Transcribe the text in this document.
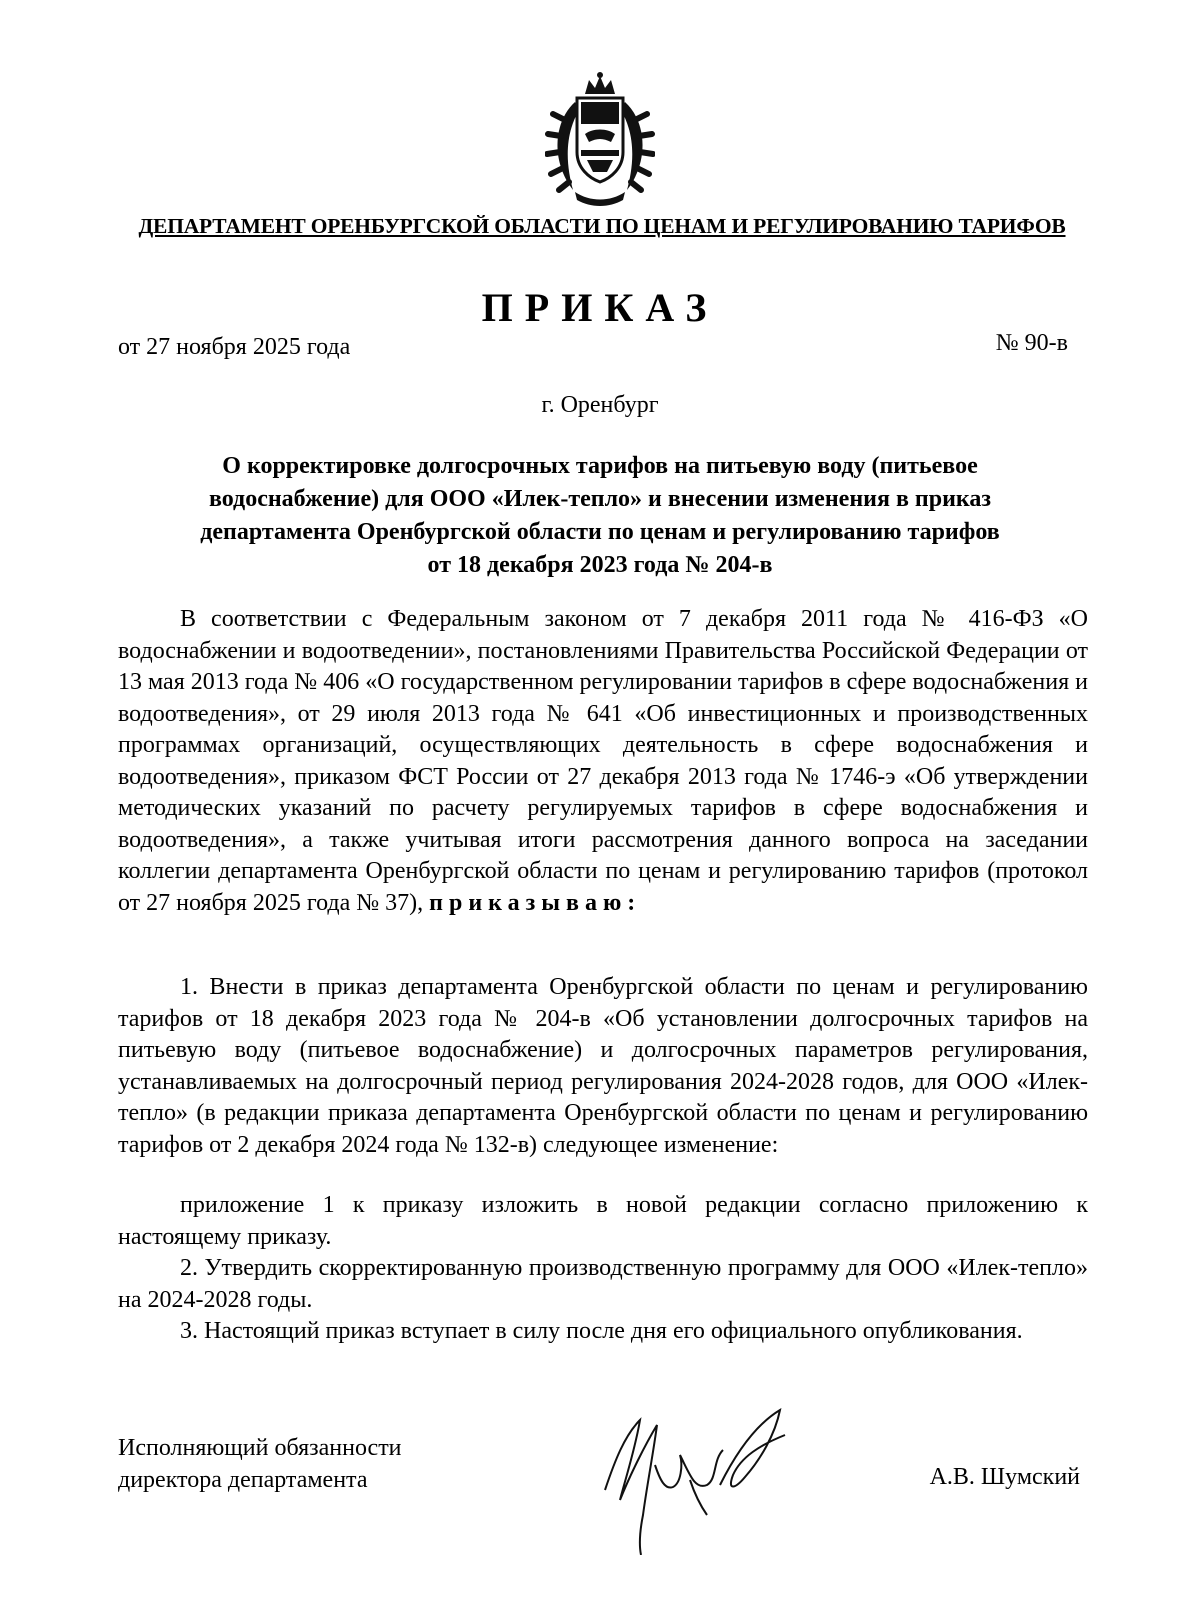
ДЕПАРТАМЕНТ ОРЕНБУРГСКОЙ ОБЛАСТИ ПО ЦЕНАМ И РЕГУЛИРОВАНИЮ ТАРИФОВ
ПРИКАЗ
от 27 ноября 2025 года	№ 90-в
г. Оренбург
О корректировке долгосрочных тарифов на питьевую воду (питьевое
водоснабжение) для ООО «Илек-тепло» и внесении изменения в приказ
департамента Оренбургской области по ценам и регулированию тарифов
от 18 декабря 2023 года № 204-в
В соответствии с Федеральным законом от 7 декабря 2011 года № 416-ФЗ «О водоснабжении и водоотведении», постановлениями Правительства Российской Федерации от 13 мая 2013 года № 406 «О государственном регулировании тарифов в сфере водоснабжения и водоотведения», от 29 июля 2013 года № 641 «Об инвестиционных и производственных программах организаций, осуществляющих деятельность в сфере водоснабжения и водоотведения», приказом ФСТ России от 27 декабря 2013 года № 1746-э «Об утверждении методических указаний по расчету регулируемых тарифов в сфере водоснабжения и водоотведения», а также учитывая итоги рассмотрения данного вопроса на заседании коллегии департамента Оренбургской области по ценам и регулированию тарифов (протокол от 27 ноября 2025 года № 37), приказываю:
1. Внести в приказ департамента Оренбургской области по ценам и регулированию тарифов от 18 декабря 2023 года № 204-в «Об установлении долгосрочных тарифов на питьевую воду (питьевое водоснабжение) и долгосрочных параметров регулирования, устанавливаемых на долгосрочный период регулирования 2024-2028 годов, для ООО «Илек-тепло» (в редакции приказа департамента Оренбургской области по ценам и регулированию тарифов от 2 декабря 2024 года № 132-в) следующее изменение:
приложение 1 к приказу изложить в новой редакции согласно приложению к настоящему приказу.
2. Утвердить скорректированную производственную программу для ООО «Илек-тепло» на 2024-2028 годы.
3. Настоящий приказ вступает в силу после дня его официального опубликования.
Исполняющий обязанности
директора департамента	А.В. Шумский
